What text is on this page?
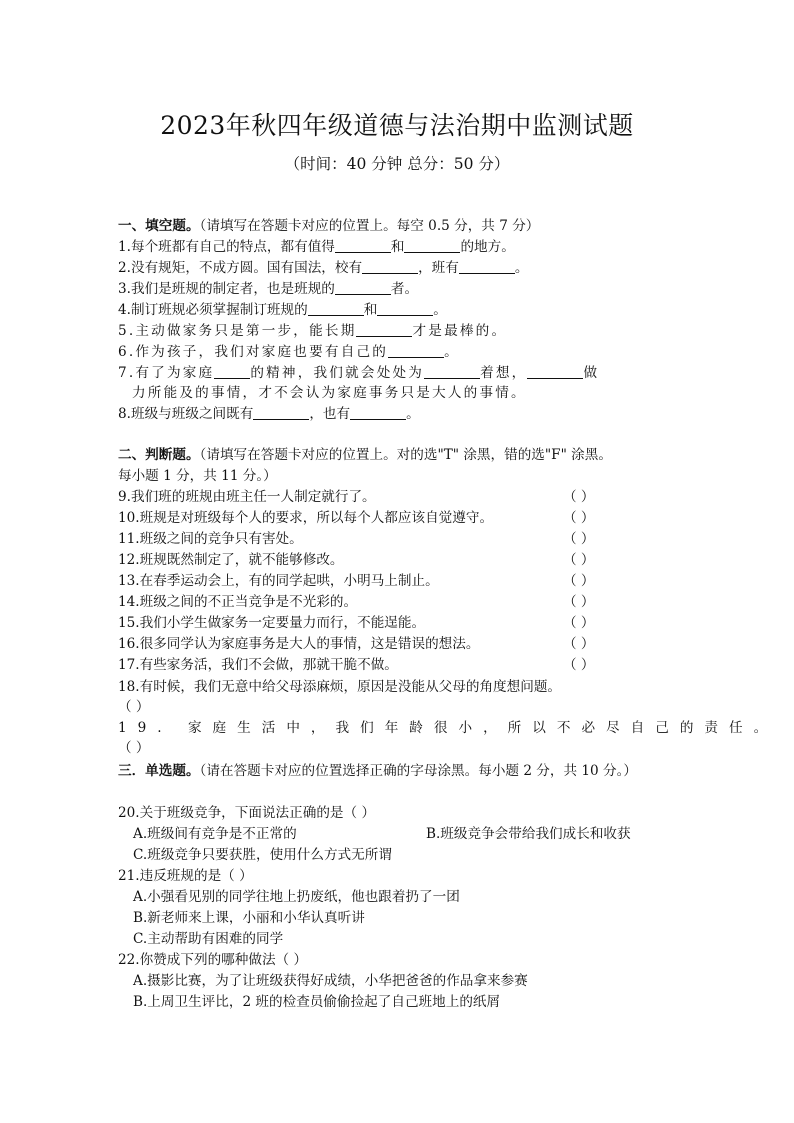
2023年秋四年级道德与法治期中监测试题
（时间：40 分钟 总分：50 分）
一、填空题。（请填写在答题卡对应的位置上。每空 0.5 分，共 7 分）
1.每个班都有自己的特点，都有值得	和	的地方。
2.没有规矩，不成方圆。国有国法，校有	，班有	。
3.我们是班规的制定者，也是班规的	者。
4.制订班规必须掌握制订班规的	和	。
5.主动做家务只是第一步，能长期	才是最棒的。
6.作为孩子，我们对家庭也要有自己的	。
7.有了为家庭	的精神，我们就会处处为	着想，	做
力所能及的事情，才不会认为家庭事务只是大人的事情。
8.班级与班级之间既有	，也有	。
二、判断题。（请填写在答题卡对应的位置上。对的选"T" 涂黑，错的选"F" 涂黑。
每小题 1 分，共 11 分。）
9.我们班的班规由班主任一人制定就行了。	（ ）
10.班规是对班级每个人的要求，所以每个人都应该自觉遵守。	（ ）
11.班级之间的竞争只有害处。	（ ）
12.班规既然制定了，就不能够修改。	（ ）
13.在春季运动会上，有的同学起哄，小明马上制止。	（ ）
14.班级之间的不正当竞争是不光彩的。	（ ）
15.我们小学生做家务一定要量力而行，不能逞能。	（ ）
16.很多同学认为家庭事务是大人的事情，这是错误的想法。	（ ）
17.有些家务活，我们不会做，那就干脆不做。	（ ）
18.有时候，我们无意中给父母添麻烦，原因是没能从父母的角度想问题。
（ ）
19. 家庭生活中，我们年龄很小，所以不必尽自己的责任。
（ ）
三．单选题。（请在答题卡对应的位置选择正确的字母涂黑。每小题 2 分，共 10 分。）
20.关于班级竞争，下面说法正确的是（ ）
A.班级间有竞争是不正常的	B.班级竞争会带给我们成长和收获
C.班级竞争只要获胜，使用什么方式无所谓
21.违反班规的是（ ）
A.小强看见别的同学往地上扔废纸，他也跟着扔了一团
B.新老师来上课，小丽和小华认真听讲
C.主动帮助有困难的同学
22.你赞成下列的哪种做法（ ）
A.摄影比赛，为了让班级获得好成绩，小华把爸爸的作品拿来参赛
B.上周卫生评比，2 班的检查员偷偷捡起了自己班地上的纸屑
